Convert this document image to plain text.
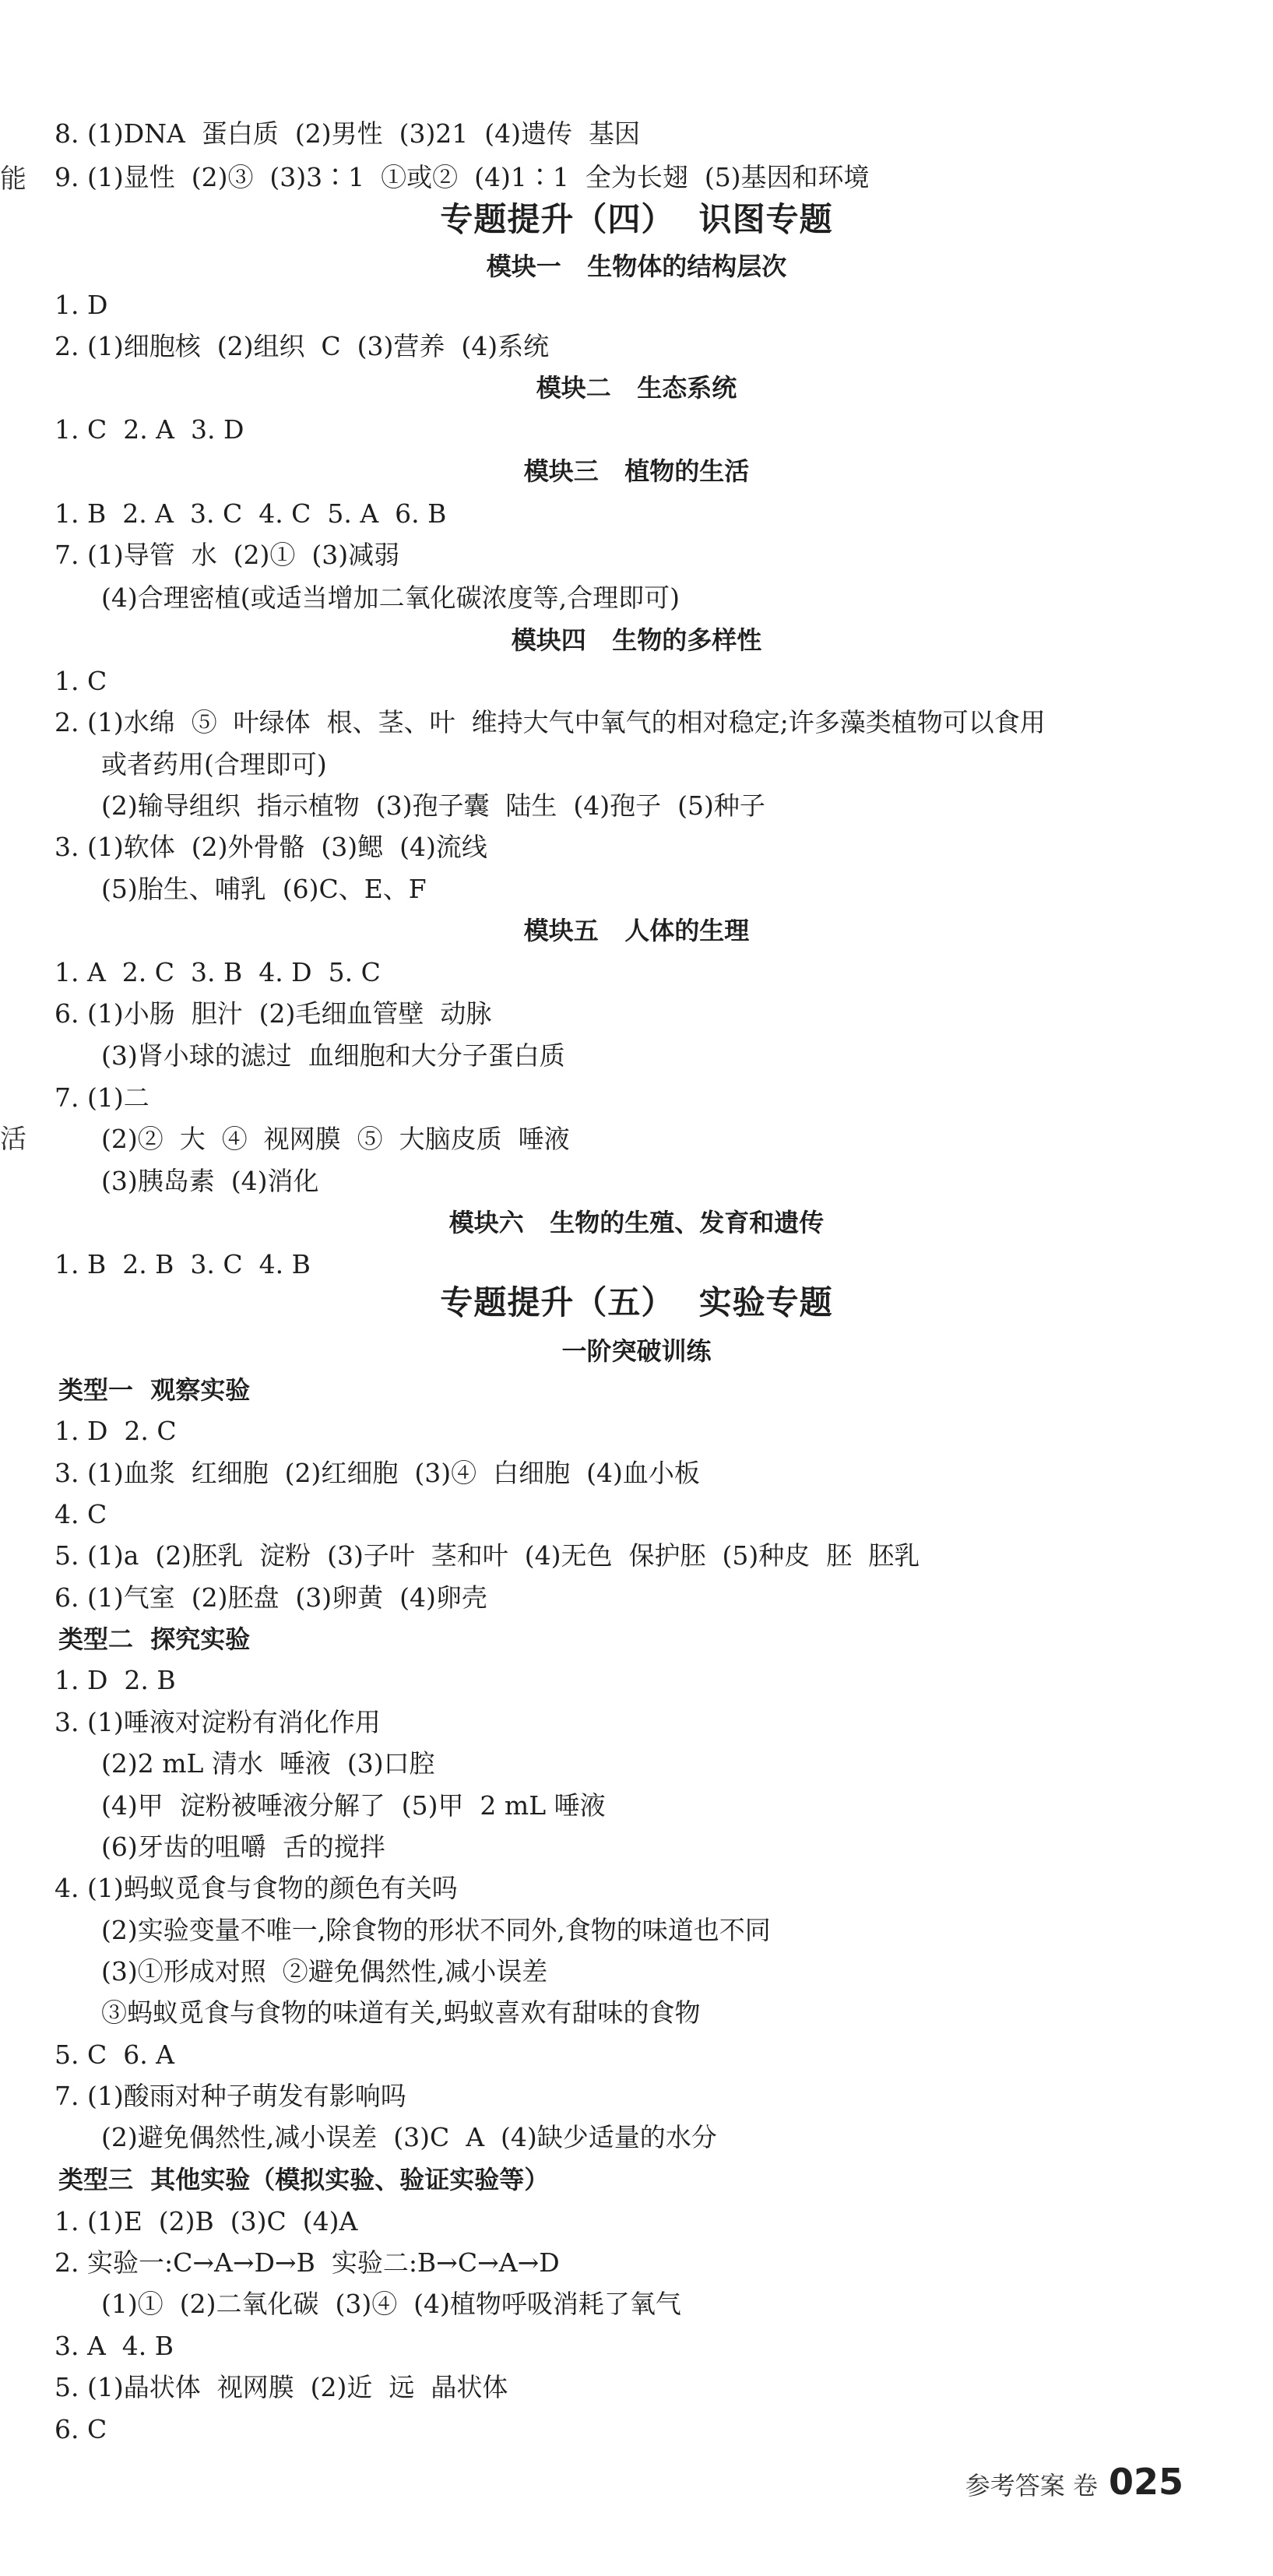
能
活
8. (1)DNA  蛋白质  (2)男性  (3)21  (4)遗传  基因
9. (1)显性  (2)③  (3)3∶1  ①或②  (4)1∶1  全为长翅  (5)基因和环境
专题提升（四）  识图专题
模块一   生物体的结构层次
1. D
2. (1)细胞核  (2)组织  C  (3)营养  (4)系统
模块二   生态系统
1. C  2. A  3. D
模块三   植物的生活
1. B  2. A  3. C  4. C  5. A  6. B
7. (1)导管  水  (2)①  (3)减弱
(4)合理密植(或适当增加二氧化碳浓度等,合理即可)
模块四   生物的多样性
1. C
2. (1)水绵  ⑤  叶绿体  根、茎、叶  维持大气中氧气的相对稳定;许多藻类植物可以食用
或者药用(合理即可)
(2)输导组织  指示植物  (3)孢子囊  陆生  (4)孢子  (5)种子
3. (1)软体  (2)外骨骼  (3)鳃  (4)流线
(5)胎生、哺乳  (6)C、E、F
模块五   人体的生理
1. A  2. C  3. B  4. D  5. C
6. (1)小肠  胆汁  (2)毛细血管壁  动脉
(3)肾小球的滤过  血细胞和大分子蛋白质
7. (1)二
(2)②  大  ④  视网膜  ⑤  大脑皮质  唾液
(3)胰岛素  (4)消化
模块六   生物的生殖、发育和遗传
1. B  2. B  3. C  4. B
专题提升（五）  实验专题
一阶突破训练
类型一  观察实验
1. D  2. C
3. (1)血浆  红细胞  (2)红细胞  (3)④  白细胞  (4)血小板
4. C
5. (1)a  (2)胚乳  淀粉  (3)子叶  茎和叶  (4)无色  保护胚  (5)种皮  胚  胚乳
6. (1)气室  (2)胚盘  (3)卵黄  (4)卵壳
类型二  探究实验
1. D  2. B
3. (1)唾液对淀粉有消化作用
(2)2 mL 清水  唾液  (3)口腔
(4)甲  淀粉被唾液分解了  (5)甲  2 mL 唾液
(6)牙齿的咀嚼  舌的搅拌
4. (1)蚂蚁觅食与食物的颜色有关吗
(2)实验变量不唯一,除食物的形状不同外,食物的味道也不同
(3)①形成对照  ②避免偶然性,减小误差
③蚂蚁觅食与食物的味道有关,蚂蚁喜欢有甜味的食物
5. C  6. A
7. (1)酸雨对种子萌发有影响吗
(2)避免偶然性,减小误差  (3)C  A  (4)缺少适量的水分
类型三  其他实验（模拟实验、验证实验等）
1. (1)E  (2)B  (3)C  (4)A
2. 实验一:C→A→D→B  实验二:B→C→A→D
(1)①  (2)二氧化碳  (3)④  (4)植物呼吸消耗了氧气
3. A  4. B
5. (1)晶状体  视网膜  (2)近  远  晶状体
6. C
参考答案 卷 025
